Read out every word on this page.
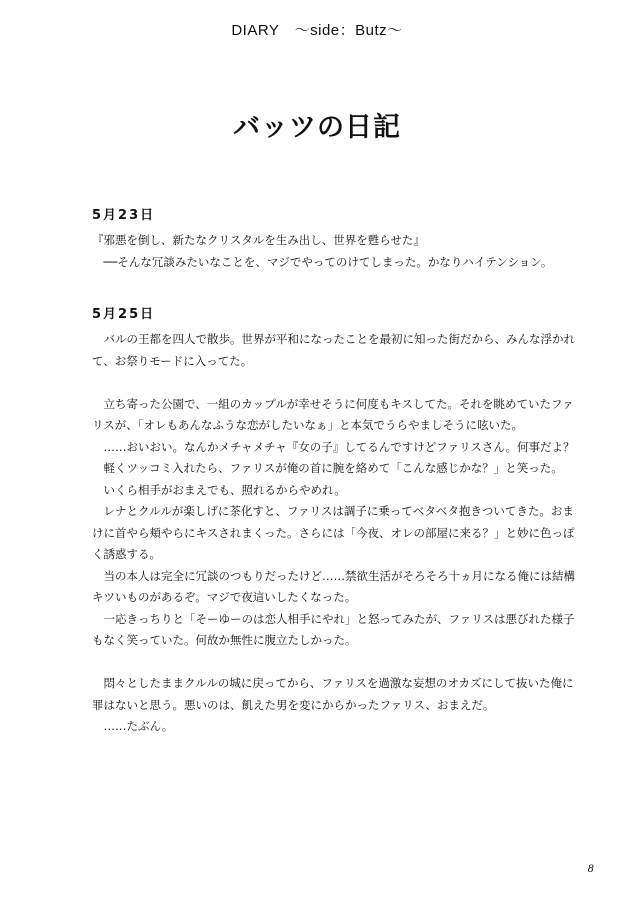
DIARY　〜side：Butz〜
バッツの日記
5月23日

『邪悪を倒し、新たなクリスタルを生み出し、世界を甦らせた』

──そんな冗談みたいなことを、マジでやってのけてしまった。かなりハイテンション。

5月25日

バルの王都を四人で散歩。世界が平和になったことを最初に知った街だから、みんな浮かれ

て、お祭りモードに入ってた。

立ち寄った公園で、一組のカップルが幸せそうに何度もキスしてた。それを眺めていたファ

リスが、「オレもあんなふうな恋がしたいなぁ」と本気でうらやましそうに呟いた。

……おいおい。なんかメチャメチャ『女の子』してるんですけどファリスさん。何事だよ？

軽くツッコミ入れたら、ファリスが俺の首に腕を絡めて「こんな感じかな？」と笑った。

いくら相手がおまえでも、照れるからやめれ。

レナとクルルが楽しげに茶化すと、ファリスは調子に乗ってベタベタ抱きついてきた。おま

けに首やら頬やらにキスされまくった。さらには「今夜、オレの部屋に来る？」と妙に色っぽ

く誘惑する。

当の本人は完全に冗談のつもりだったけど……禁欲生活がそろそろ十ヵ月になる俺には結構

キツいものがあるぞ。マジで夜這いしたくなった。

一応きっちりと「そーゆーのは恋人相手にやれ」と怒ってみたが、ファリスは悪びれた様子

もなく笑っていた。何故か無性に腹立たしかった。

悶々としたままクルルの城に戻ってから、ファリスを過激な妄想のオカズにして抜いた俺に

罪はないと思う。悪いのは、飢えた男を変にからかったファリス、おまえだ。

……たぶん。

8
